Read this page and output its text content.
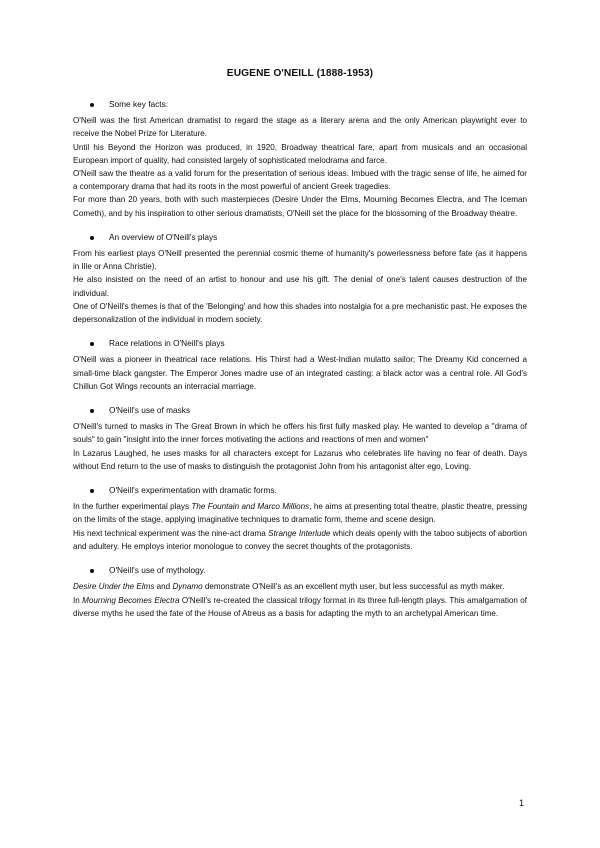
EUGENE O'NEILL (1888-1953)
Some key facts:

O'Neill was the first American dramatist to regard the stage as a literary arena and the only American playwright ever to receive the Nobel Prize for Literature.

Until his Beyond the Horizon was produced, in 1920, Broadway theatrical fare, apart from musicals and an occasional European import of quality, had consisted largely of sophisticated melodrama and farce.

O'Neill saw the theatre as a valid forum for the presentation of serious ideas. Imbued with the tragic sense of life, he aimed for a contemporary drama that had its roots in the most powerful of ancient Greek tragedies.

For more than 20 years, both with such masterpieces (Desire Under the Elms, Mourning Becomes Electra, and The Iceman Cometh), and by his inspiration to other serious dramatists, O'Neill set the place for the blossoming of the Broadway theatre.

An overview of O'Neill's plays

From his earliest plays O'Neill presented the perennial cosmic theme of humanity's powerlessness before fate (as it happens in Ille or Anna Christie).

He also insisted on the need of an artist to honour and use his gift. The denial of one's talent causes destruction of the individual.

One of O'Neill's themes is that of the 'Belonging' and how this shades into nostalgia for a pre mechanistic past. He exposes the depersonalization of the individual in modern society.

Race relations in O'Neill's plays

O'Neill was a pioneer in theatrical race relations. His Thirst had a West-Indian mulatto sailor; The Dreamy Kid concerned a small-time black gangster. The Emperor Jones madre use of an integrated casting: a black actor was a central role. All God's Chillun Got Wings recounts an interracial marriage.

O'Neill's use of masks

O'Neill's turned to masks in The Great Brown in which he offers his first fully masked play. He wanted to develop a "drama of souls" to gain "insight into the inner forces motivating the actions and reactions of men and women"

In Lazarus Laughed, he uses masks for all characters except for Lazarus who celebrates life having no fear of death. Days without End return to the use of masks to distinguish the protagonist John from his antagonist alter ego, Loving.

O'Neill's experimentation with dramatic forms.

In the further experimental plays The Fountain and Marco Millions, he aims at presenting total theatre, plastic theatre, pressing on the limits of the stage, applying imaginative techniques to dramatic form, theme and scene design.

His next technical experiment was the nine-act drama Strange Interlude which deals openly with the taboo subjects of abortion and adultery. He employs interior monologue to convey the secret thoughts of the protagonists.

O'Neill's use of mythology.

Desire Under the Elms and Dynamo demonstrate O'Neill's as an excellent myth user, but less successful as myth maker.

In Mourning Becomes Electra O'Neill's re-created the classical trilogy format in its three full-length plays. This amalgamation of diverse myths he used the fate of the House of Atreus as a basis for adapting the myth to an archetypal American time.

1
